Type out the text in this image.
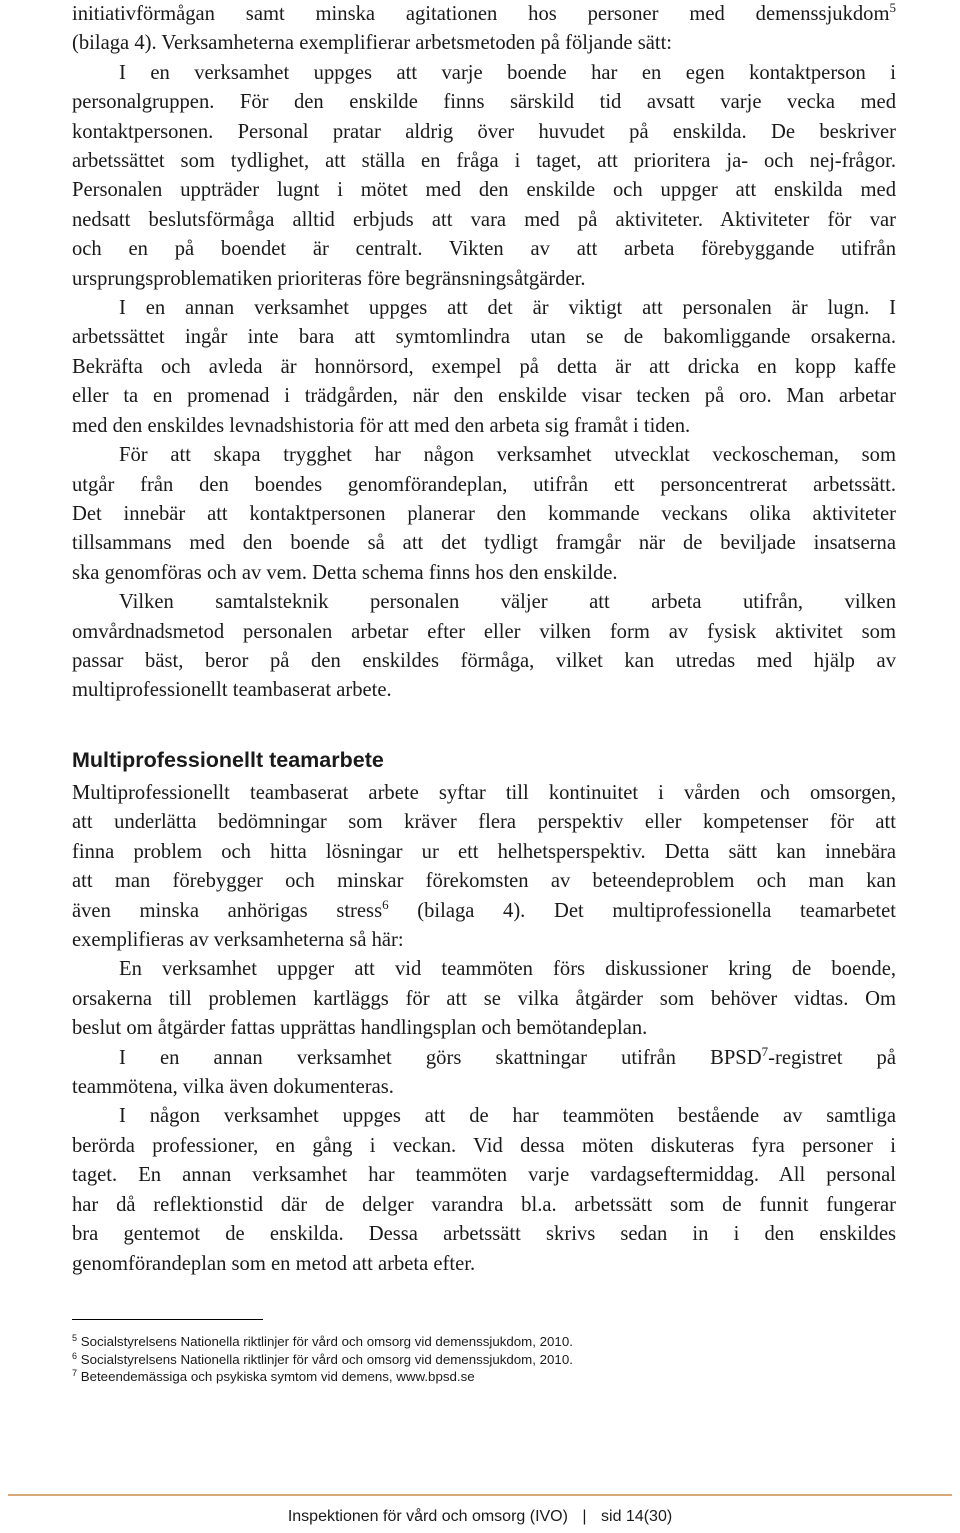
initiativförmågan samt minska agitationen hos personer med demenssjukdom$^5$
(bilaga 4). Verksamheterna exemplifierar arbetsmetoden på följande sätt:
I en verksamhet uppges att varje boende har en egen kontaktperson i
personalgruppen. För den enskilde finns särskild tid avsatt varje vecka med
kontaktpersonen. Personal pratar aldrig över huvudet på enskilda. De beskriver
arbetssättet som tydlighet, att ställa en fråga i taget, att prioritera ja- och nej-frågor.
Personalen uppträder lugnt i mötet med den enskilde och uppger att enskilda med
nedsatt beslutsförmåga alltid erbjuds att vara med på aktiviteter. Aktiviteter för var
och en på boendet är centralt. Vikten av att arbeta förebyggande utifrån
ursprungsproblematiken prioriteras före begränsningsåtgärder.
I en annan verksamhet uppges att det är viktigt att personalen är lugn. I
arbetssättet ingår inte bara att symtomlindra utan se de bakomliggande orsakerna.
Bekräfta och avleda är honnörsord, exempel på detta är att dricka en kopp kaffe
eller ta en promenad i trädgården, när den enskilde visar tecken på oro. Man arbetar
med den enskildes levnadshistoria för att med den arbeta sig framåt i tiden.
För att skapa trygghet har någon verksamhet utvecklat veckoscheman, som
utgår från den boendes genomförandeplan, utifrån ett personcentrerat arbetssätt.
Det innebär att kontaktpersonen planerar den kommande veckans olika aktiviteter
tillsammans med den boende så att det tydligt framgår när de beviljade insatserna
ska genomföras och av vem. Detta schema finns hos den enskilde.
Vilken samtalsteknik personalen väljer att arbeta utifrån, vilken
omvårdnadsmetod personalen arbetar efter eller vilken form av fysisk aktivitet som
passar bäst, beror på den enskildes förmåga, vilket kan utredas med hjälp av
multiprofessionellt teambaserat arbete.
Multiprofessionellt teamarbete
Multiprofessionellt teambaserat arbete syftar till kontinuitet i vården och omsorgen,
att underlätta bedömningar som kräver flera perspektiv eller kompetenser för att
finna problem och hitta lösningar ur ett helhetsperspektiv. Detta sätt kan innebära
att man förebygger och minskar förekomsten av beteendeproblem och man kan
även minska anhörigas stress$^6$ (bilaga 4). Det multiprofessionella teamarbetet
exemplifieras av verksamheterna så här:
En verksamhet uppger att vid teammöten förs diskussioner kring de boende,
orsakerna till problemen kartläggs för att se vilka åtgärder som behöver vidtas. Om
beslut om åtgärder fattas upprättas handlingsplan och bemötandeplan.
I en annan verksamhet görs skattningar utifrån BPSD$^7$-registret på
teammötena, vilka även dokumenteras.
I någon verksamhet uppges att de har teammöten bestående av samtliga
berörda professioner, en gång i veckan. Vid dessa möten diskuteras fyra personer i
taget. En annan verksamhet har teammöten varje vardagseftermiddag. All personal
har då reflektionstid där de delger varandra bl.a. arbetssätt som de funnit fungerar
bra gentemot de enskilda. Dessa arbetssätt skrivs sedan in i den enskildes
genomförandeplan som en metod att arbeta efter.

$^5$ Socialstyrelsens Nationella riktlinjer för vård och omsorg vid demenssjukdom, 2010.

$^6$ Socialstyrelsens Nationella riktlinjer för vård och omsorg vid demenssjukdom, 2010.

$^7$ Beteendemässiga och psykiska symtom vid demens, www.bpsd.se

Inspektionen för vård och omsorg (IVO) | sid 14(30)
